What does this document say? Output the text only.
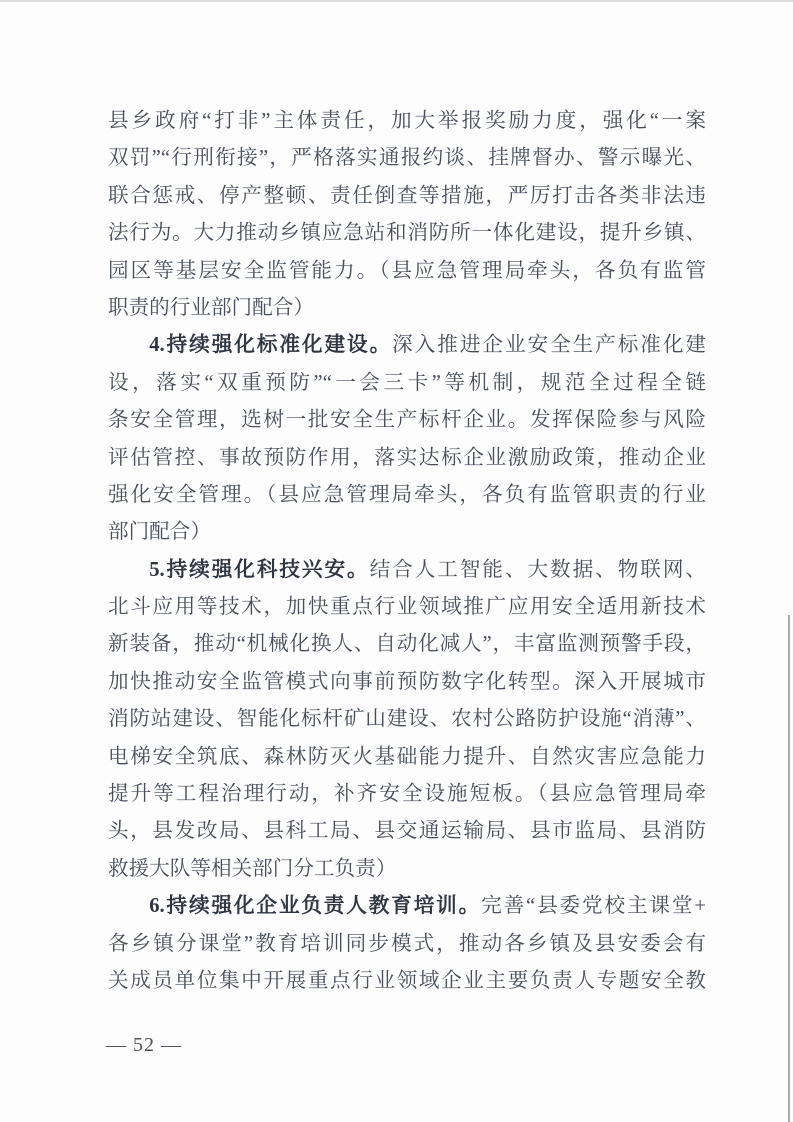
县乡政府“打非”主体责任，加大举报奖励力度，强化“一案
双罚”“行刑衔接”，严格落实通报约谈、挂牌督办、警示曝光、
联合惩戒、停产整顿、责任倒查等措施，严厉打击各类非法违
法行为。大力推动乡镇应急站和消防所一体化建设，提升乡镇、
园区等基层安全监管能力。（县应急管理局牵头，各负有监管
职责的行业部门配合）
4.持续强化标准化建设。深入推进企业安全生产标准化建
设，落实“双重预防”“一会三卡”等机制，规范全过程全链
条安全管理，选树一批安全生产标杆企业。发挥保险参与风险
评估管控、事故预防作用，落实达标企业激励政策，推动企业
强化安全管理。（县应急管理局牵头，各负有监管职责的行业
部门配合）
5.持续强化科技兴安。结合人工智能、大数据、物联网、
北斗应用等技术，加快重点行业领域推广应用安全适用新技术
新装备，推动“机械化换人、自动化减人”，丰富监测预警手段，
加快推动安全监管模式向事前预防数字化转型。深入开展城市
消防站建设、智能化标杆矿山建设、农村公路防护设施“消薄”、
电梯安全筑底、森林防灭火基础能力提升、自然灾害应急能力
提升等工程治理行动，补齐安全设施短板。（县应急管理局牵
头，县发改局、县科工局、县交通运输局、县市监局、县消防
救援大队等相关部门分工负责）
6.持续强化企业负责人教育培训。完善“县委党校主课堂+
各乡镇分课堂”教育培训同步模式，推动各乡镇及县安委会有
关成员单位集中开展重点行业领域企业主要负责人专题安全教
— 52 —
